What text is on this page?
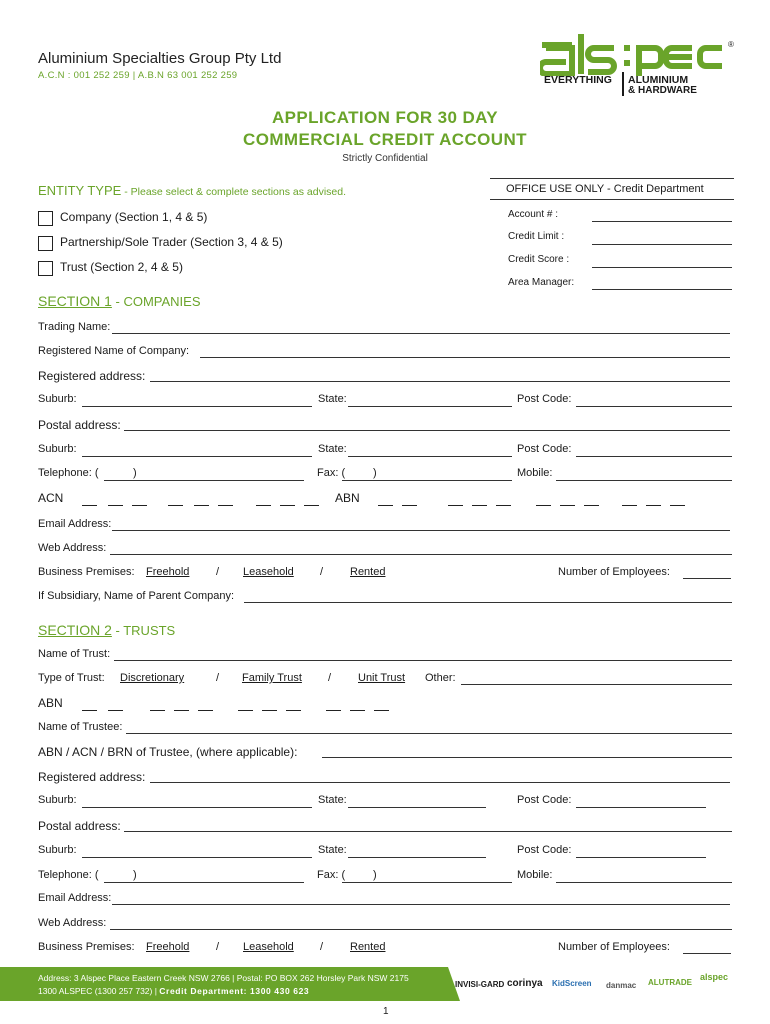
Aluminium Specialties Group Pty Ltd
A.C.N : 001 252 259 | A.B.N 63 001 252 259
®
EVERYTHING ALUMINIUM
& HARDWARE
APPLICATION FOR 30 DAY
COMMERCIAL CREDIT ACCOUNT
Strictly Confidential
ENTITY TYPE - Please select & complete sections as advised.
Company (Section 1, 4 & 5)
Partnership/Sole Trader (Section 3, 4 & 5)
Trust (Section 2, 4 & 5)
OFFICE USE ONLY - Credit Department
Account # :
Credit Limit :
Credit Score :
Area Manager:
SECTION 1 - COMPANIES
Trading Name:
Registered Name of Company:
Registered address:
Suburb:	State:	Post Code:
Postal address:
Suburb:	State:	Post Code:
Telephone: (	)	Fax: (	)	Mobile:
ACN	ABN
Email Address:
Web Address:
Business Premises: Freehold / Leasehold / Rented	Number of Employees:
If Subsidiary, Name of Parent Company:
SECTION 2 - TRUSTS
Name of Trust:
Type of Trust: Discretionary	/ Family Trust / Unit Trust Other:
ABN
Name of Trustee:
ABN / ACN / BRN of Trustee, (where applicable):
Registered address:
Suburb:	State:	Post Code:
Postal address:
Suburb:	State:	Post Code:
Telephone: (	)	Fax: (	)	Mobile:
Email Address:
Web Address:
Business Premises: Freehold / Leasehold / Rented	Number of Employees:
Address: 3 Alspec Place Eastern Creek NSW 2766 | Postal: PO BOX 262 Horsley Park NSW 2175
1300 ALSPEC (1300 257 732) | Credit Department: 1300 430 623
INVISI-GARD corinya KidScreen danmac ALUTRADE
alspec
1
